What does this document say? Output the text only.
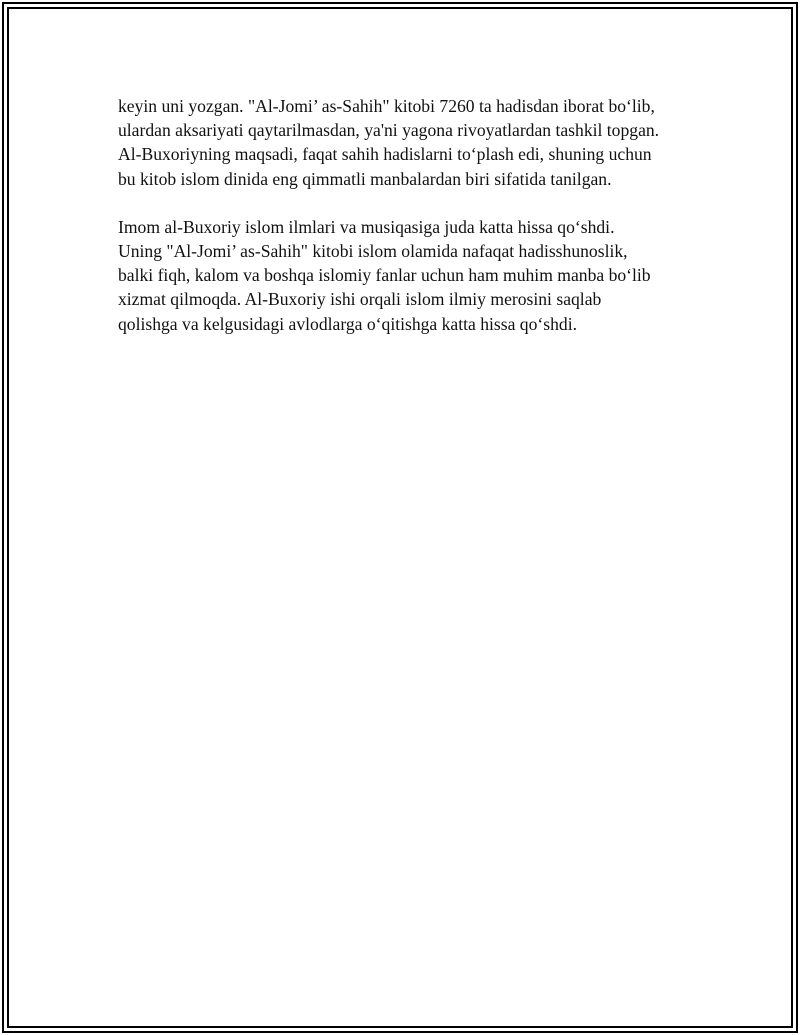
keyin uni yozgan. "Al-Jomi’ as-Sahih" kitobi 7260 ta hadisdan iborat bo‘lib,
ulardan aksariyati qaytarilmasdan, ya'ni yagona rivoyatlardan tashkil topgan.
Al-Buxoriyning maqsadi, faqat sahih hadislarni to‘plash edi, shuning uchun
bu kitob islom dinida eng qimmatli manbalardan biri sifatida tanilgan.

Imom al-Buxoriy islom ilmlari va musiqasiga juda katta hissa qo‘shdi.
Uning "Al-Jomi’ as-Sahih" kitobi islom olamida nafaqat hadisshunoslik,
balki fiqh, kalom va boshqa islomiy fanlar uchun ham muhim manba bo‘lib
xizmat qilmoqda. Al-Buxoriy ishi orqali islom ilmiy merosini saqlab
qolishga va kelgusidagi avlodlarga o‘qitishga katta hissa qo‘shdi.
